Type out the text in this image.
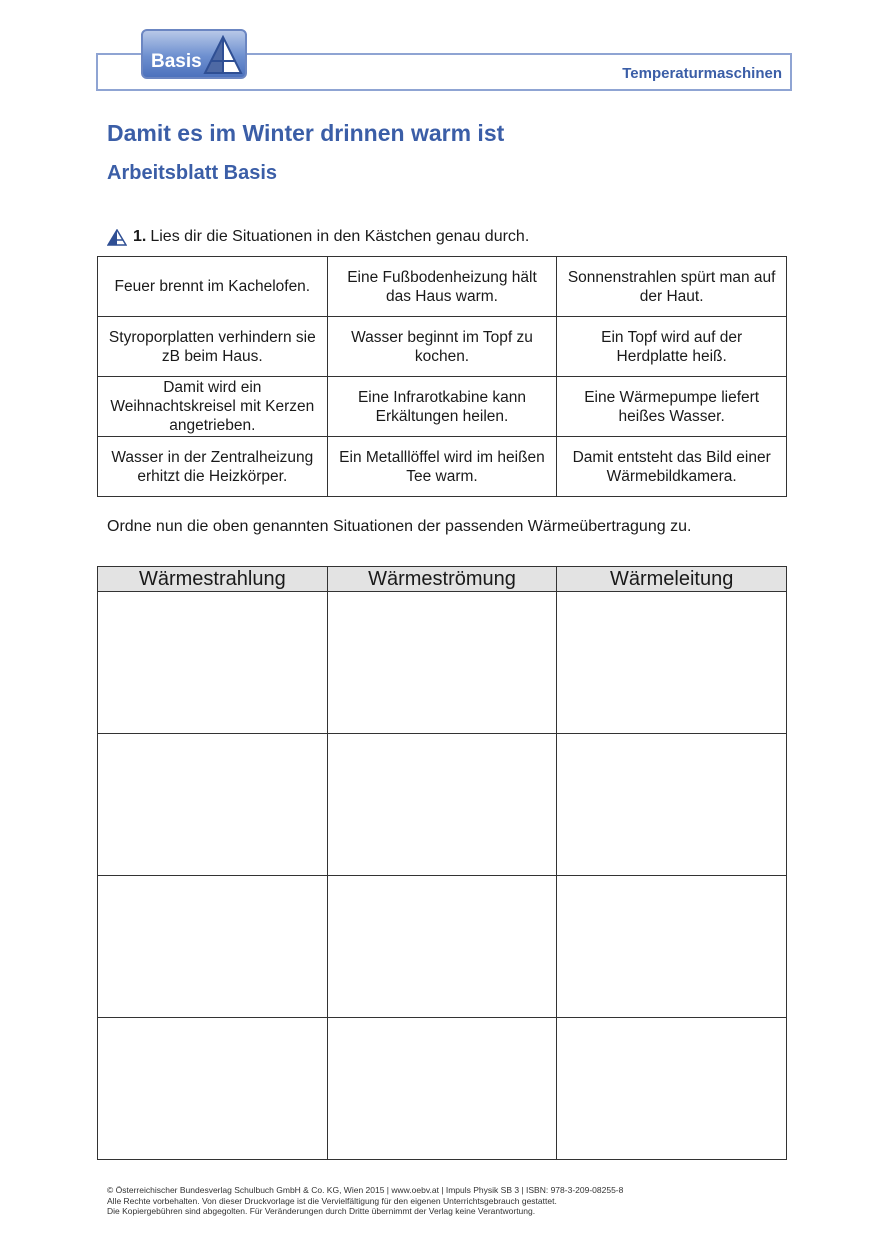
Temperaturmaschinen
Basis
Damit es im Winter drinnen warm ist
Arbeitsblatt Basis
1. Lies dir die Situationen in den Kästchen genau durch.
Feuer brennt im Kachelofen.	Eine Fußbodenheizung hält das Haus warm.	Sonnenstrahlen spürt man auf der Haut.
Styroporplatten verhindern sie zB beim Haus.	Wasser beginnt im Topf zu kochen.	Ein Topf wird auf der Herdplatte heiß.
Damit wird ein Weihnachtskreisel mit Kerzen angetrieben.	Eine Infrarotkabine kann Erkältungen heilen.	Eine Wärmepumpe liefert heißes Wasser.
Wasser in der Zentralheizung erhitzt die Heizkörper.	Ein Metalllöffel wird im heißen Tee warm.	Damit entsteht das Bild einer Wärmebildkamera.
Ordne nun die oben genannten Situationen der passenden Wärmeübertragung zu.
Wärmestrahlung	Wärmeströmung	Wärmeleitung

© Österreichischer Bundesverlag Schulbuch GmbH & Co. KG, Wien 2015 | www.oebv.at | Impuls Physik SB 3 | ISBN: 978-3-209-08255-8
Alle Rechte vorbehalten. Von dieser Druckvorlage ist die Vervielfältigung für den eigenen Unterrichtsgebrauch gestattet.
Die Kopiergebühren sind abgegolten. Für Veränderungen durch Dritte übernimmt der Verlag keine Verantwortung.
